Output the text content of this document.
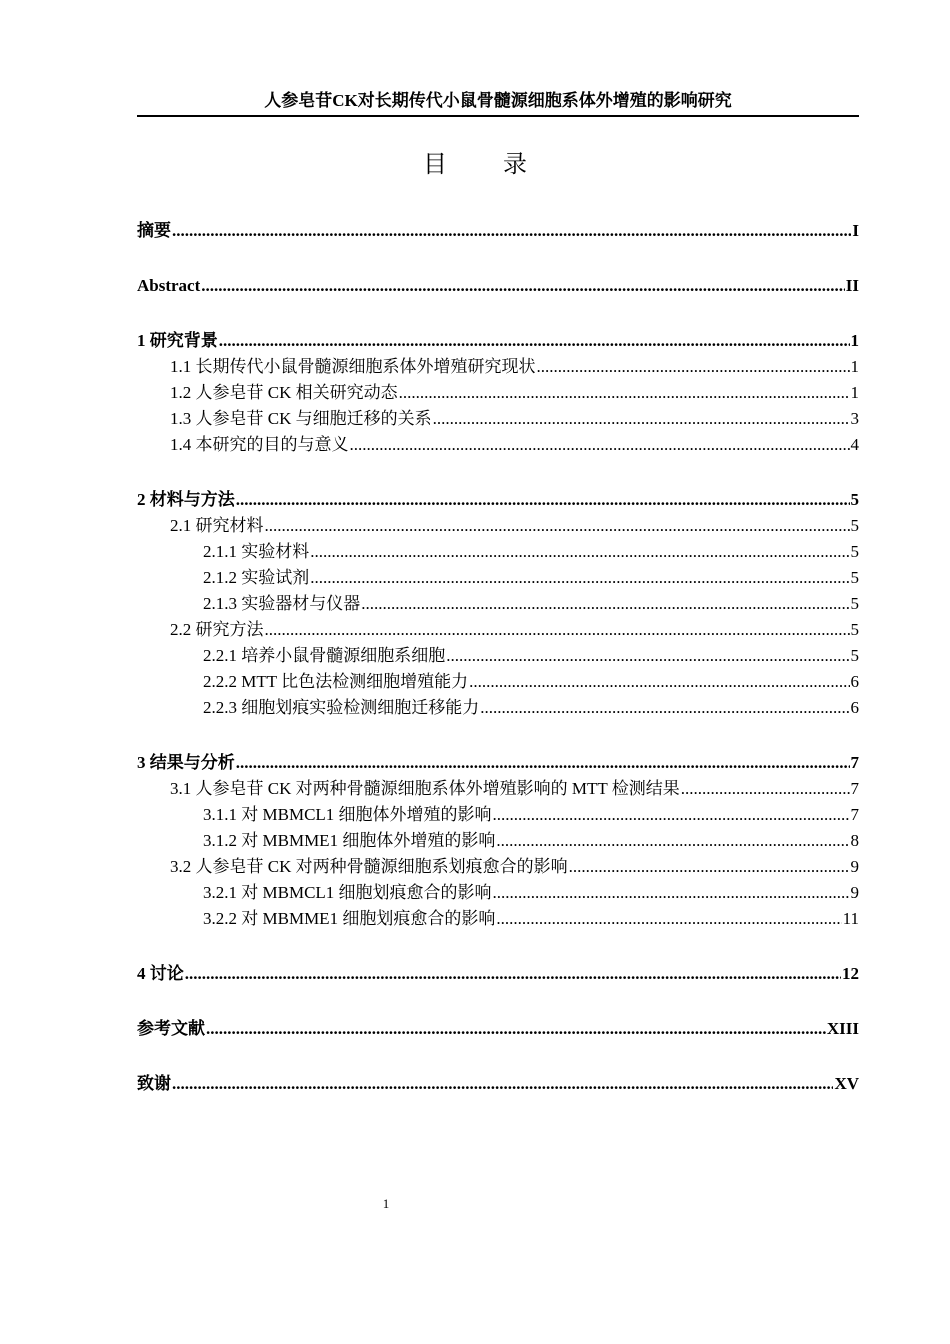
人参皂苷CK对长期传代小鼠骨髓源细胞系体外增殖的影响研究
目 录
摘要 .....	I
Abstract .....	II
1 研究背景 .....	1
1.1 长期传代小鼠骨髓源细胞系体外增殖研究现状 .....	1
1.2 人参皂苷 CK 相关研究动态 .....	1
1.3 人参皂苷 CK 与细胞迁移的关系 .....	3
1.4 本研究的目的与意义 .....	4
2 材料与方法 .....	5
2.1 研究材料 .....	5
2.1.1 实验材料 .....	5
2.1.2 实验试剂 .....	5
2.1.3 实验器材与仪器 .....	5
2.2 研究方法 .....	5
2.2.1 培养小鼠骨髓源细胞系细胞 .....	5
2.2.2 MTT 比色法检测细胞增殖能力 .....	6
2.2.3 细胞划痕实验检测细胞迁移能力 .....	6
3 结果与分析 .....	7
3.1 人参皂苷 CK 对两种骨髓源细胞系体外增殖影响的 MTT 检测结果 .....	7
3.1.1 对 MBMCL1 细胞体外增殖的影响 .....	7
3.1.2 对 MBMME1 细胞体外增殖的影响 .....	8
3.2 人参皂苷 CK 对两种骨髓源细胞系划痕愈合的影响 .....	9
3.2.1 对 MBMCL1 细胞划痕愈合的影响 .....	9
3.2.2 对 MBMME1 细胞划痕愈合的影响 .....	11
4 讨论 .....	12
参考文献 .....	XIII
致谢 .....	XV
1
